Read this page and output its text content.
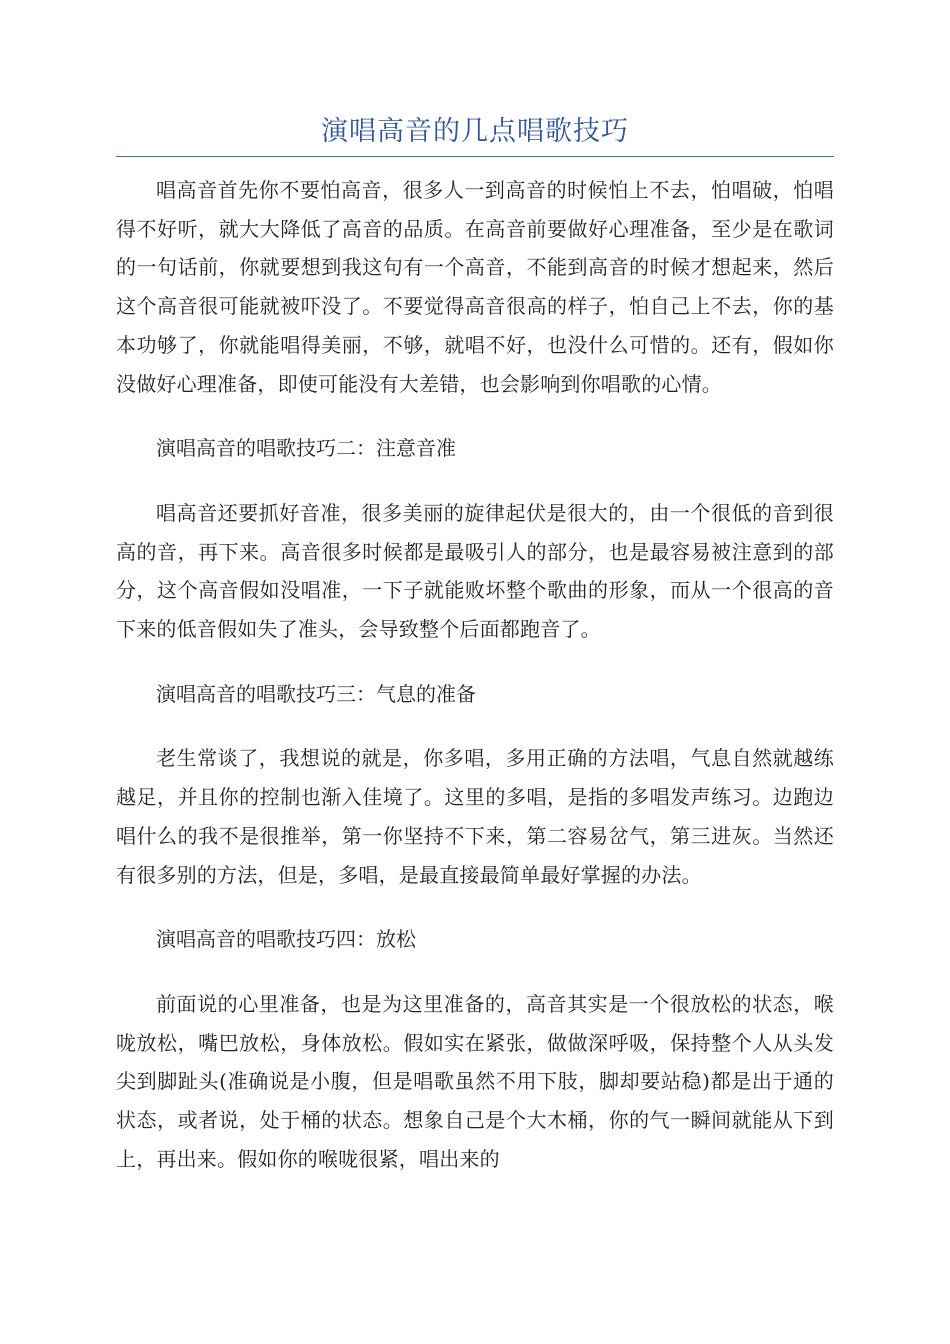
演唱高音的几点唱歌技巧

唱高音首先你不要怕高音，很多人一到高音的时候怕上不去，怕唱破，怕唱得不好听，就大大降低了高音的品质。在高音前要做好心理准备，至少是在歌词的一句话前，你就要想到我这句有一个高音，不能到高音的时候才想起来，然后这个高音很可能就被吓没了。不要觉得高音很高的样子，怕自己上不去，你的基本功够了，你就能唱得美丽，不够，就唱不好，也没什么可惜的。还有，假如你没做好心理准备，即使可能没有大差错，也会影响到你唱歌的心情。

演唱高音的唱歌技巧二：注意音准

唱高音还要抓好音准，很多美丽的旋律起伏是很大的，由一个很低的音到很高的音，再下来。高音很多时候都是最吸引人的部分，也是最容易被注意到的部分，这个高音假如没唱准，一下子就能败坏整个歌曲的形象，而从一个很高的音下来的低音假如失了准头，会导致整个后面都跑音了。

演唱高音的唱歌技巧三：气息的准备

老生常谈了，我想说的就是，你多唱，多用正确的方法唱，气息自然就越练越足，并且你的控制也渐入佳境了。这里的多唱，是指的多唱发声练习。边跑边唱什么的我不是很推举，第一你坚持不下来，第二容易岔气，第三进灰。当然还有很多别的方法，但是，多唱，是最直接最简单最好掌握的办法。

演唱高音的唱歌技巧四：放松

前面说的心里准备，也是为这里准备的，高音其实是一个很放松的状态，喉咙放松，嘴巴放松，身体放松。假如实在紧张，做做深呼吸，保持整个人从头发尖到脚趾头(准确说是小腹，但是唱歌虽然不用下肢，脚却要站稳)都是出于通的状态，或者说，处于桶的状态。想象自己是个大木桶，你的气一瞬间就能从下到上，再出来。假如你的喉咙很紧，唱出来的
